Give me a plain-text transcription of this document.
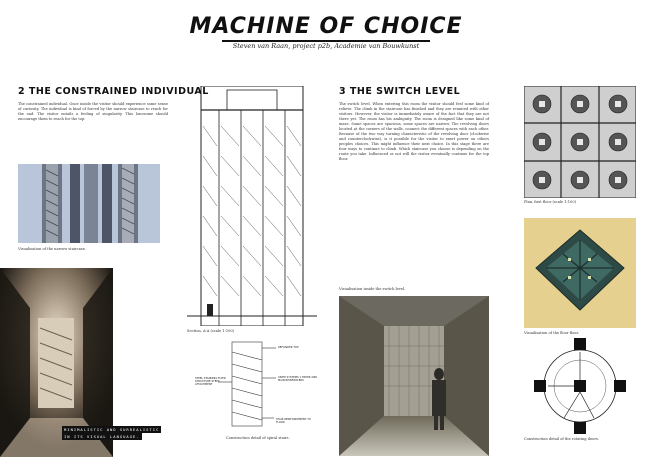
MACHINE OF CHOICE
Steven van Raan, project p2b, Academie van Bouwkunst
2 THE CONSTRAINED INDIVIDUAL
The constrained individual. Once inside the visitor should experience some sense of curiosity. The individual is kind of forced by the narrow staircase to reach for the end. The visitor entails a feeling of singularity. This lonesome should encourage them to reach for the top.
Visualisation of the narrow staircase.
MINIMALISTIC AND SURREALISTIC
IN ITS VISUAL LANGUAGE.
Section, A-A (scale 1:100)
REFLINDER TOP
STEEL STANDING FIXED STRUCTURE STEPS ATTACHMENT
UNTIE SYSTEMS 1 TREDE AND MAIN REINFORCERS
STAIR REINFORCEMENT TO FLOOR
Construction detail of spiral stairs.
3 THE SWITCH LEVEL
The switch level. When entering this room the visitor should feel some kind of relieve. The climb in the staircase has finished and they are reunited with other visitors. However, the visitor is immediately aware of the fact that they are not there yet. The room has his ambiguity. The room is designed like some kind of maze. Some spaces are spacious, some spaces are narrow. The revolving doors located at the corners of the walls, connect the different spaces with each other. Because of the two way turning characteristic of the revolving door (clockwise and counterclockwise), is it possible for the visitor to exert power on others peoples choices. This might influence their next choice. In this stage there are four ways to continue to climb. Which staircase you choose is depending on the route you take. Influenced or not will the visitor eventually continue for the top floor.
Visualisation inside the switch level.
Plan, first floor (scale 1:100)
Visualisation of the floor floor.
Construction detail of the rotating doors.
